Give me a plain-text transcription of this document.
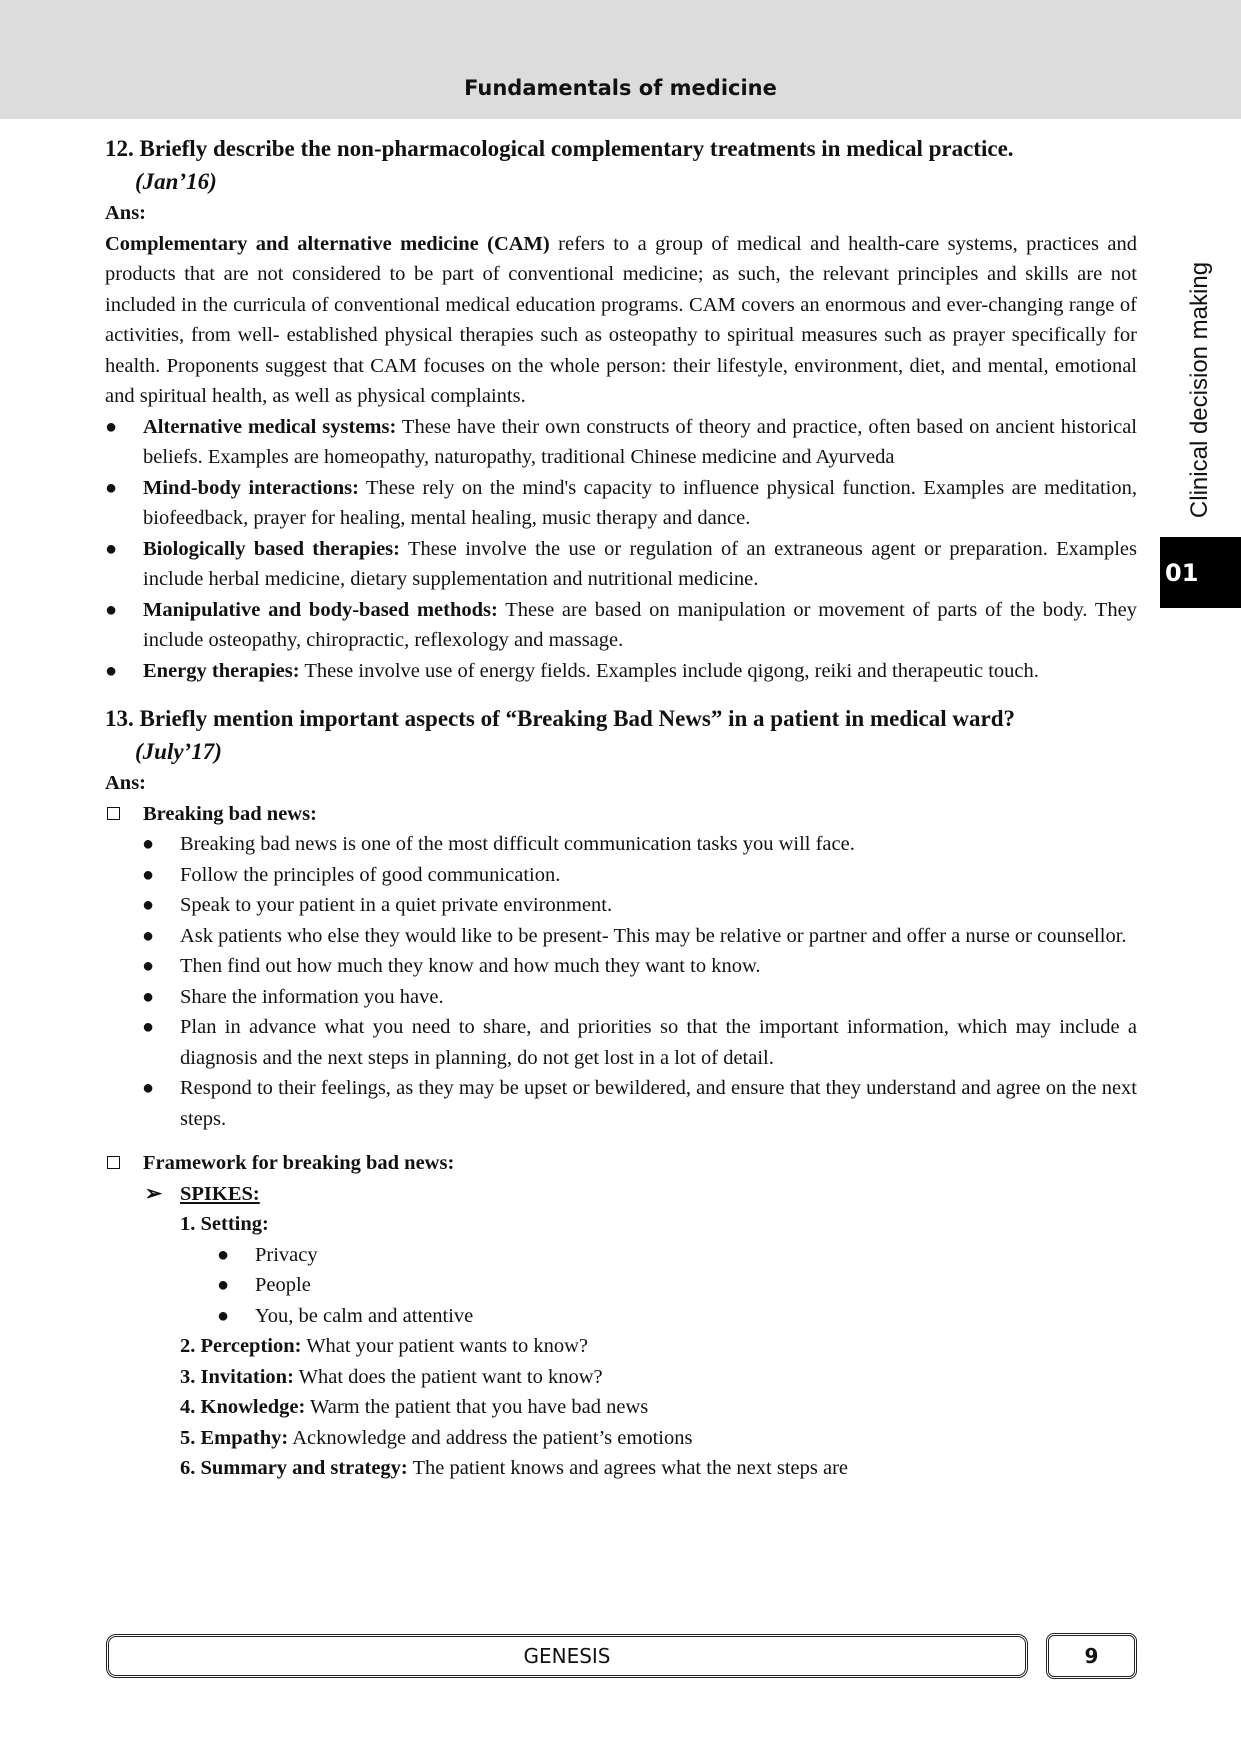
Fundamentals of medicine
Clinical decision making
01
12. Briefly describe the non-pharmacological complementary treatments in medical practice.
(Jan’16)
Ans:
Complementary and alternative medicine (CAM) refers to a group of medical and health-care systems, practices and products that are not considered to be part of conventional medicine; as such, the relevant principles and skills are not included in the curricula of conventional medical education programs. CAM covers an enormous and ever-changing range of activities, from well- established physical therapies such as osteopathy to spiritual measures such as prayer specifically for health. Proponents suggest that CAM focuses on the whole person: their lifestyle, environment, diet, and mental, emotional and spiritual health, as well as physical complaints.
● Alternative medical systems: These have their own constructs of theory and practice, often based on ancient historical beliefs. Examples are homeopathy, naturopathy, traditional Chinese medicine and Ayurveda
● Mind-body interactions: These rely on the mind's capacity to influence physical function. Examples are meditation, biofeedback, prayer for healing, mental healing, music therapy and dance.
● Biologically based therapies: These involve the use or regulation of an extraneous agent or preparation. Examples include herbal medicine, dietary supplementation and nutritional medicine.
● Manipulative and body-based methods: These are based on manipulation or movement of parts of the body. They include osteopathy, chiropractic, reflexology and massage.
● Energy therapies: These involve use of energy fields. Examples include qigong, reiki and therapeutic touch.
13. Briefly mention important aspects of “Breaking Bad News” in a patient in medical ward?
(July’17)
Ans:
Breaking bad news:
● Breaking bad news is one of the most difficult communication tasks you will face.
● Follow the principles of good communication.
● Speak to your patient in a quiet private environment.
● Ask patients who else they would like to be present- This may be relative or partner and offer a nurse or counsellor.
● Then find out how much they know and how much they want to know.
● Share the information you have.
● Plan in advance what you need to share, and priorities so that the important information, which may include a diagnosis and the next steps in planning, do not get lost in a lot of detail.
● Respond to their feelings, as they may be upset or bewildered, and ensure that they understand and agree on the next steps.
Framework for breaking bad news:
➢ SPIKES:
1. Setting:
● Privacy
● People
● You, be calm and attentive
2. Perception: What your patient wants to know?
3. Invitation: What does the patient want to know?
4. Knowledge: Warm the patient that you have bad news
5. Empathy: Acknowledge and address the patient’s emotions
6. Summary and strategy: The patient knows and agrees what the next steps are
GENESIS	9
